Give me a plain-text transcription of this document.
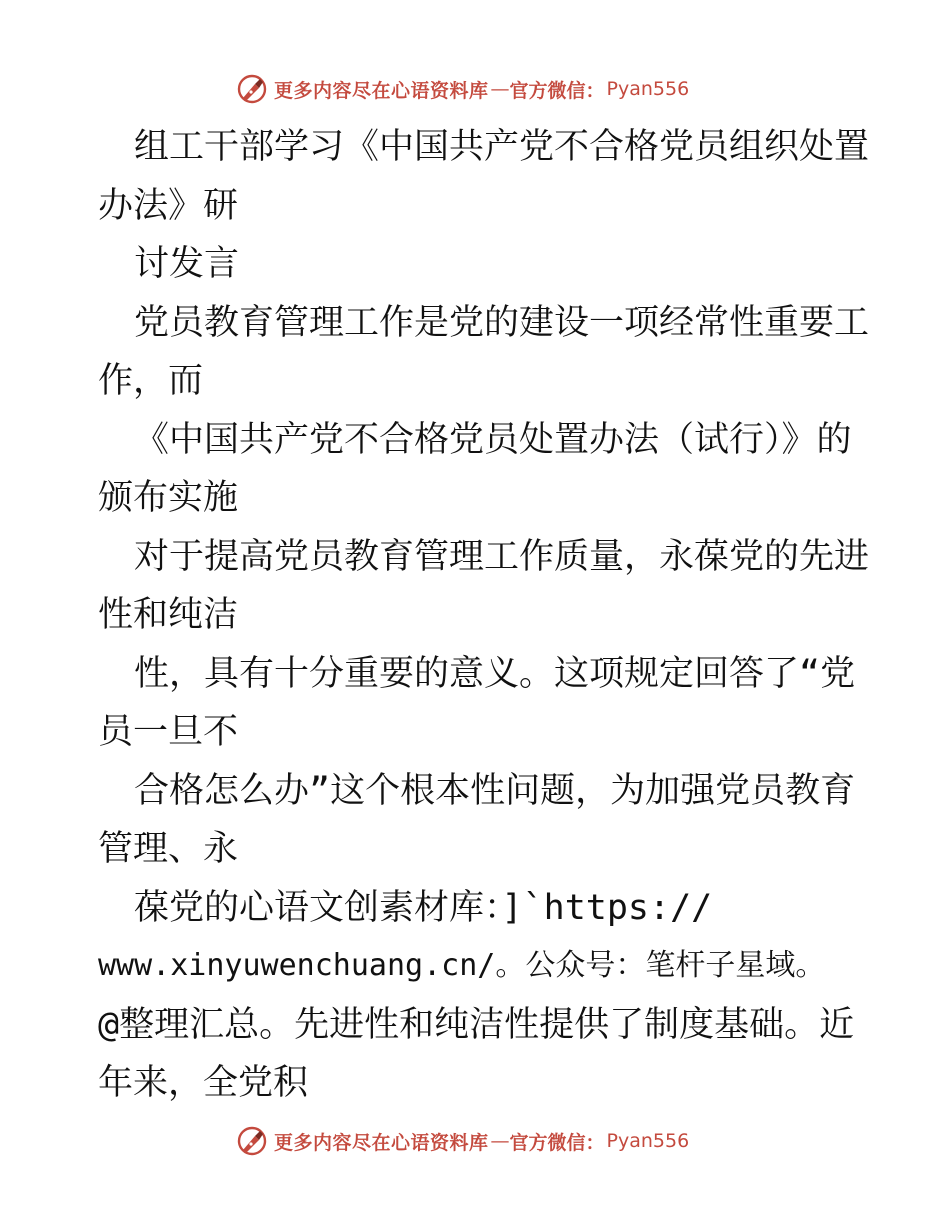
更多内容尽在心语资料库 — 官方微信： Pyan556
组工干部学习《中国共产党不合格党员组织处置
办法》研
讨发言
党员教育管理工作是党的建设一项经常性重要工
作，而
《中国共产党不合格党员处置办法（试行）》的
颁布实施
对于提高党员教育管理工作质量，永葆党的先进
性和纯洁
性，具有十分重要的意义。这项规定回答了“党
员一旦不
合格怎么办”这个根本性问题，为加强党员教育
管理、永
葆党的心语文创素材库：]`https://
www.xinyuwenchuang.cn/。公众号：笔杆子星域。
@整理汇总。先进性和纯洁性提供了制度基础。近
年来，全党积
更多内容尽在心语资料库 — 官方微信： Pyan556
